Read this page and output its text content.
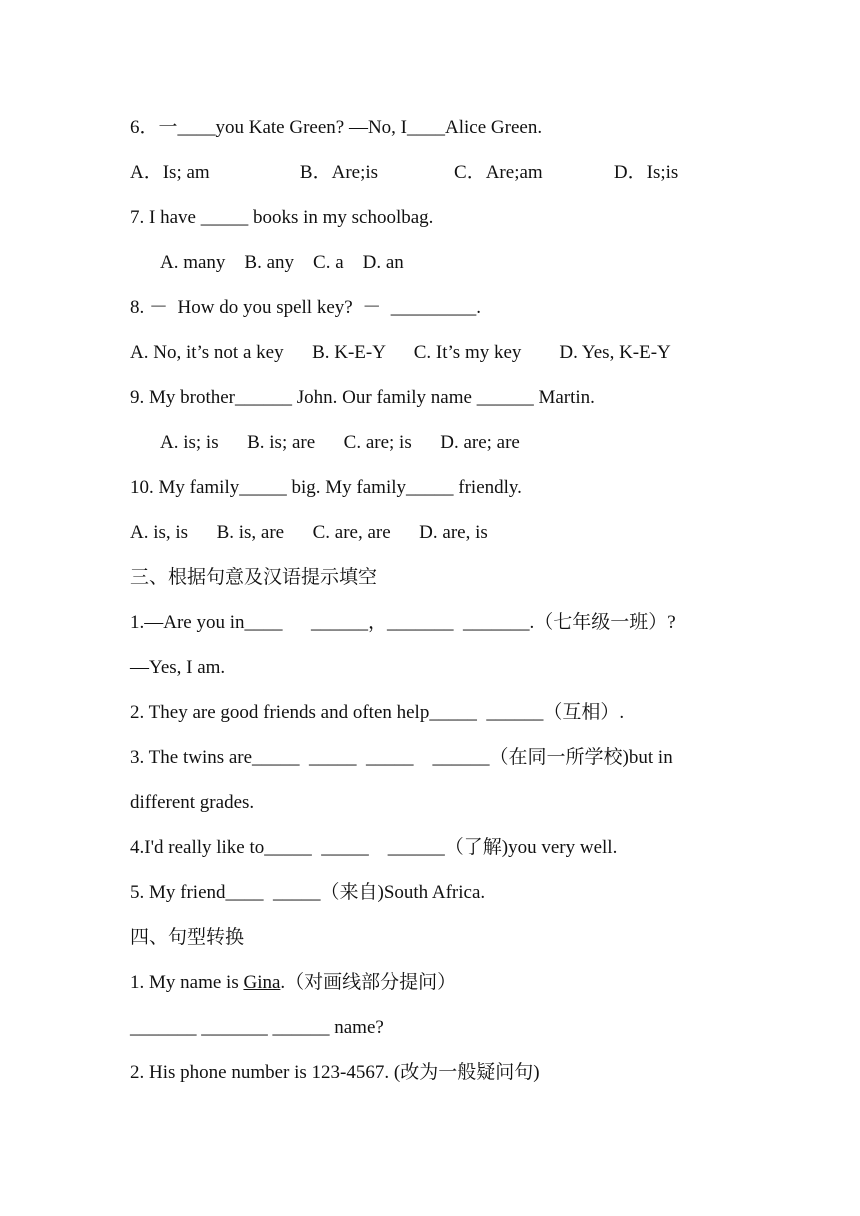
6．一____you Kate Green? —No, I____Alice Green.
A．Is; am                   B．Are;is                C．Are;am               D．Is;is
7. I have _____ books in my schoolbag.
A. many    B. any    C. a    D. an
8. －  How do you spell key?  －  _________.
A. No, it’s not a key      B. K-E-Y      C. It’s my key        D. Yes, K-E-Y
9. My brother______ John. Our family name ______ Martin.
A. is; is      B. is; are      C. are; is      D. are; are
10. My family_____ big. My family_____ friendly.
A. is, is      B. is, are      C. are, are      D. are, is
三、根据句意及汉语提示填空
1.—Are you in____      ______，_______  _______.（七年级一班）?
—Yes, I am.
2. They are good friends and often help_____  ______（互相）.
3. The twins are_____  _____  _____    ______（在同一所学校)but in
different grades.
4.I'd really like to_____  _____    ______（了解)you very well.
5. My friend____  _____（来自)South Africa.
四、句型转换
1. My name is Gina.（对画线部分提问）
_______ _______ ______ name?
2. His phone number is 123-4567. (改为一般疑问句)
